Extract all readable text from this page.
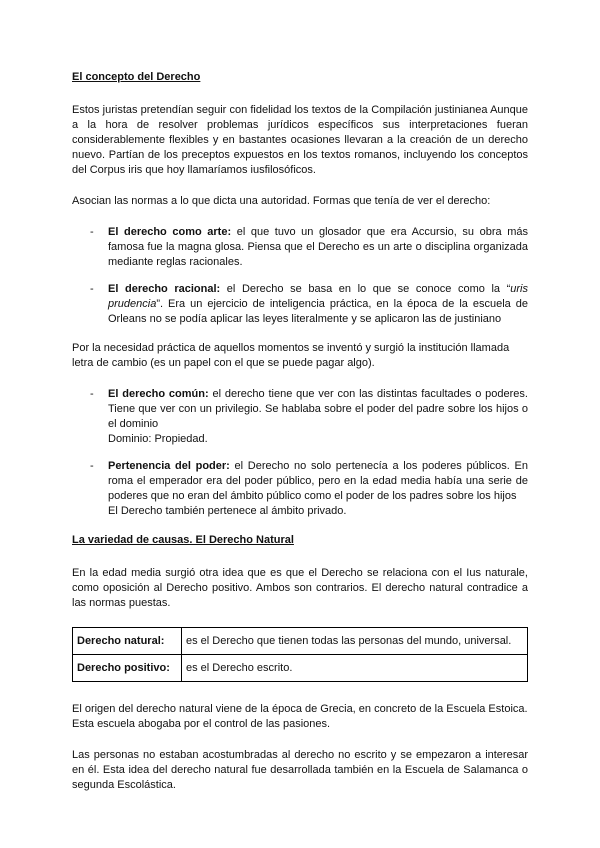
El concepto del Derecho

Estos juristas pretendían seguir con fidelidad los textos de la Compilación justinianea Aunque a la hora de resolver problemas jurídicos específicos sus interpretaciones fueran considerablemente flexibles y en bastantes ocasiones llevaran a la creación de un derecho nuevo. Partían de los preceptos expuestos en los textos romanos, incluyendo los conceptos del Corpus iris que hoy llamaríamos iusfilosóficos.

Asocian las normas a lo que dicta una autoridad. Formas que tenía de ver el derecho:

- El derecho como arte: el que tuvo un glosador que era Accursio, su obra más famosa fue la magna glosa. Piensa que el Derecho es un arte o disciplina organizada mediante reglas racionales.
- El derecho racional: el Derecho se basa en lo que se conoce como la “uris prudencia”. Era un ejercicio de inteligencia práctica, en la época de la escuela de Orleans no se podía aplicar las leyes literalmente y se aplicaron las de justiniano

Por la necesidad práctica de aquellos momentos se inventó y surgió la institución llamada letra de cambio (es un papel con el que se puede pagar algo).

- El derecho común: el derecho tiene que ver con las distintas facultades o poderes. Tiene que ver con un privilegio. Se hablaba sobre el poder del padre sobre los hijos o el dominio
Dominio: Propiedad.
- Pertenencia del poder: el Derecho no solo pertenecía a los poderes públicos. En roma el emperador era del poder público, pero en la edad media había una serie de poderes que no eran del ámbito público como el poder de los padres sobre los hijos
El Derecho también pertenece al ámbito privado.
La variedad de causas. El Derecho Natural

En la edad media surgió otra idea que es que el Derecho se relaciona con el Ius naturale, como oposición al Derecho positivo. Ambos son contrarios. El derecho natural contradice a las normas puestas.

Derecho natural:	es el Derecho que tienen todas las personas del mundo, universal.
Derecho positivo:	es el Derecho escrito.

El origen del derecho natural viene de la época de Grecia, en concreto de la Escuela Estoica. Esta escuela abogaba por el control de las pasiones.

Las personas no estaban acostumbradas al derecho no escrito y se empezaron a interesar en él. Esta idea del derecho natural fue desarrollada también en la Escuela de Salamanca o segunda Escolástica.
